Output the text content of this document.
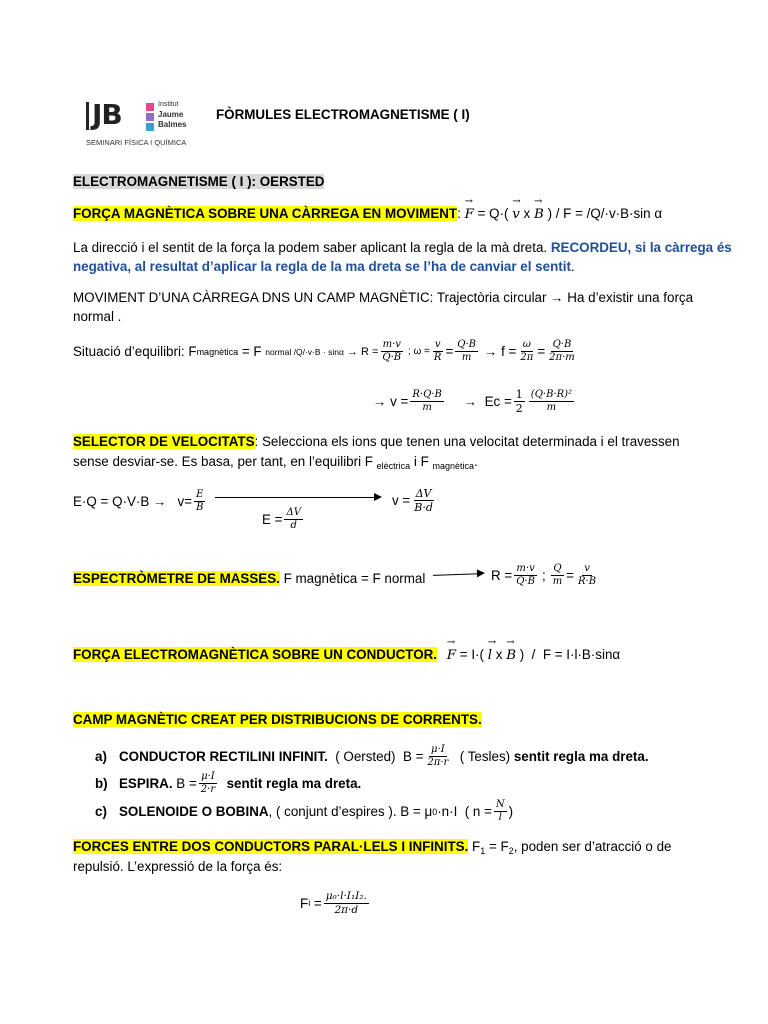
JB	Institut
Jaume
Balmes
SEMINARI FÍSICA I QUÍMICA
FÒRMULES ELECTROMAGNETISME ( I)
ELECTROMAGNETISME ( I ): OERSTED
FORÇA MAGNÈTICA SOBRE UNA CÀRREGA EN MOVIMENT: → F = Q·( → v x → B ) / F = /Q/·v·B·sin α
La direcció i el sentit de la força la podem saber aplicant la regla de la mà dreta. RECORDEU, si la càrrega és
negativa, al resultat d’aplicar la regla de la ma dreta se l’ha de canviar el sentit.
MOVIMENT D’UNA CÀRREGA DNS UN CAMP MAGNÈTIC: Trajectòria circular → Ha d’existir una força
normal .
Situació d’equilibri: F magnètica = F normal $/Q/\cdot v\cdot B \cdot \sin\alpha \to R = \frac{m\cdot v}{Q\cdot B}$ ; $\omega = \frac{v}{R} = \frac{Q\cdot B}{m} \to f = \frac{\omega}{2\pi} = \frac{Q\cdot B}{2\pi\cdot m}$
→ $v = \frac{R\cdot Q\cdot B}{m} \to Ec = \frac{1}{2} \frac{\text{(Q·B·R)²}}{m}$
SELECTOR DE VELOCITATS: Selecciona els ions que tenen una velocitat determinada i el travessen
sense desviar-se. Es basa, per tant, en l’equilibri F $_{elèctrica}$ i F $_{magnètica}$.
$E\cdot Q = Q\cdot V\cdot B \to v= \frac{E}{B}$
$E = \frac{\Delta V}{d}$
$v = \frac{\Delta V}{B\cdot d}$
ESPECTRÒMETRE DE MASSES. F magnètica = F normal	$R = \frac{m\cdot v}{Q\cdot B}$ ; $\frac{Q}{m} = \frac{v}{R\cdot B}$
FORÇA ELECTROMAGNÈTICA SOBRE UN CONDUCTOR. → F = I·( → l x → B )  /  F = I·l·B·sinα
CAMP MAGNÈTIC CREAT PER DISTRIBUCIONS DE CORRENTS.
a) CONDUCTOR RECTILINI INFINIT. ( Oersted)  $B = \frac{\mu\cdot I}{2\pi\cdot r}$ ( Tesles) sentit regla ma dreta.
b) ESPIRA. $B = \frac{\mu\cdot I}{2\cdot r}$
sentit regla ma dreta.
c) SOLENOIDE O BOBINA , ( conjunt d’espires ). B = μ 0 ·n·I  ( $n = \frac{N}{l}$ )
FORCES ENTRE DOS CONDUCTORS PARAL·LELS I INFINITS. $F_1 = F_2$, poden ser d’atracció o de
repulsió. L’expressió de la força és:
F $i = \frac{\text{μ₀·l·I₁I₂.}}{2\pi\cdot d}$
